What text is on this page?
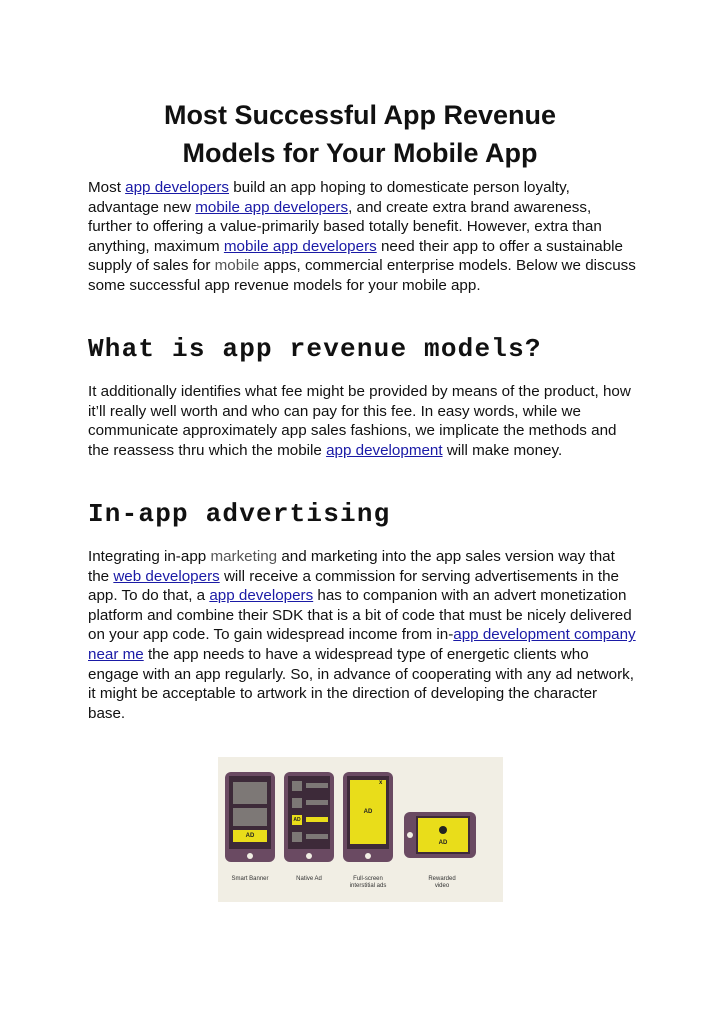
Most Successful App Revenue
Models for Your Mobile App

Most app developers build an app hoping to domesticate person loyalty, advantage new mobile app developers, and create extra brand awareness, further to offering a value-primarily based totally benefit. However, extra than anything, maximum mobile app developers need their app to offer a sustainable supply of sales for mobile apps, commercial enterprise models. Below we discuss some successful app revenue models for your mobile app.

What is app revenue models?

It additionally identifies what fee might be provided by means of the product, how it’ll really well worth and who can pay for this fee. In easy words, while we communicate approximately app sales fashions, we implicate the methods and the reassess thru which the mobile app development will make money.

In-app advertising

Integrating in-app marketing and marketing into the app sales version way that the web developers will receive a commission for serving advertisements in the app. To do that, a app developers has to companion with an advert monetization platform and combine their SDK that is a bit of code that must be nicely delivered on your app code. To gain widespread income from in-app development company near me the app needs to have a widespread type of energetic clients who engage with an app regularly. So, in advance of cooperating with any ad network, it might be acceptable to artwork in the direction of developing the character base.

AD
AD
AD
x
AD
Smart Banner	Native Ad	Full-screen
interstitial ads
Rewarded
video
